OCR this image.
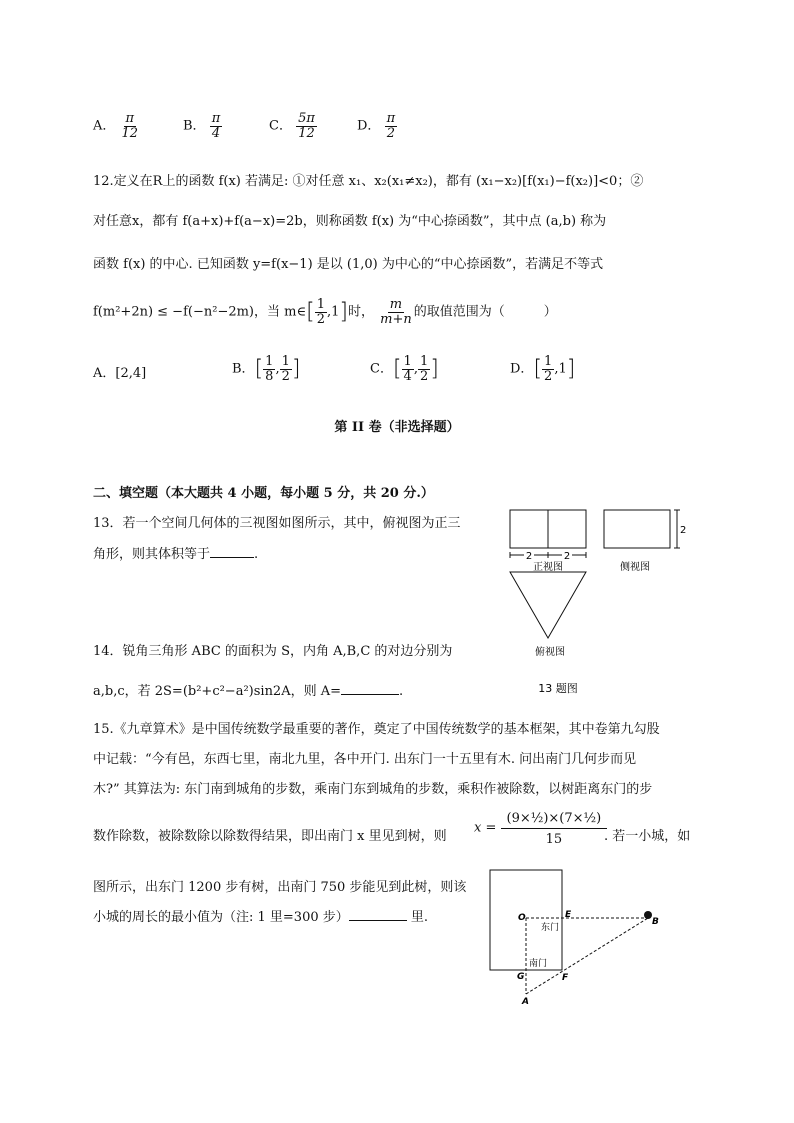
A． $\frac{\pi}{12}$	B． $\frac{\pi}{4}$	C． $\frac{5\pi}{12}$	D． $\frac{\pi}{2}$
12.定义在R上的函数 f(x) 若满足: ①对任意 x₁、x₂(x₁≠x₂)，都有 (x₁−x₂)[f(x₁)−f(x₂)]<0；②
对任意x，都有 f(a+x)+f(a−x)=2b，则称函数 f(x) 为“中心捺函数”，其中点 (a,b) 称为
函数 f(x) 的中心. 已知函数 y=f(x−1) 是以 (1,0) 为中心的“中心捺函数”，若满足不等式
f(m²+2n) ≤ −f(−n²−2m)，当 m∈[ $\frac{1}{2} ,1$]时， $\frac{m}{m+n}$ 的取值范围为（　　　）
A．[2,4]	B．[ $\frac{1}{8}$ , $\frac{1}{2}$ ]	C．[ $\frac{1}{4}$ , $\frac{1}{2}$ ]	D．[ $\frac{1}{2} ,1$]
第 II 卷（非选择题）
二、填空题（本大题共 4 小题，每小题 5 分，共 20 分.）
13．若一个空间几何体的三视图如图所示，其中，俯视图为正三
角形，则其体积等于	.	2	2
正视图
2
侧视图
俯视图
13 题图
14．锐角三角形 ABC 的面积为 S，内角 A,B,C 的对边分别为
a,b,c，若 2S=(b²+c²−a²)sin2A，则 A=	.
15.《九章算术》是中国传统数学最重要的著作，奠定了中国传统数学的基本框架，其中卷第九勾股
中记载：“今有邑，东西七里，南北九里，各中开门. 出东门一十五里有木. 问出南门几何步而见
木?” 其算法为: 东门南到城角的步数，乘南门东到城角的步数，乘积作被除数，以树距离东门的步
数作除数，被除数除以除数得结果，即出南门 x 里见到树，则
$x = \frac{\text{(9×½)×(7×½)}}{15}$
. 若一小城，如
图所示，出东门 1200 步有树，出南门 750 步能见到此树，则该
小城的周长的最小值为（注: 1 里=300 步）	里.	O	E
B
G	F
A
东门
南门
